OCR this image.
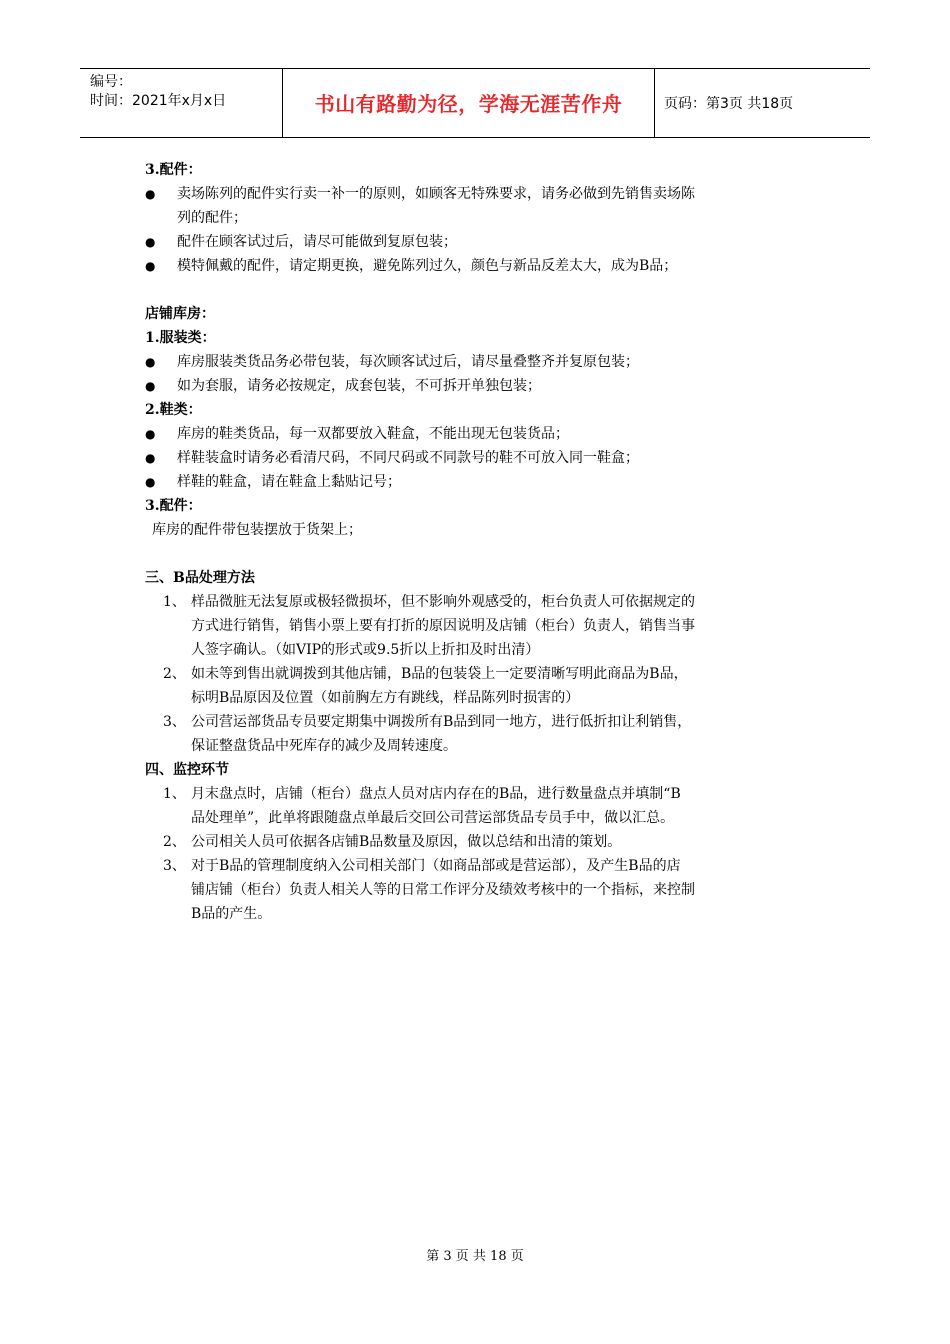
编号：
时间：2021年x月x日	书山有路勤为径，学海无涯苦作舟	页码：第3页 共18页
3.配件：
● 卖场陈列的配件实行卖一补一的原则，如顾客无特殊要求，请务必做到先销售卖场陈
列的配件；
● 配件在顾客试过后，请尽可能做到复原包装；
● 模特佩戴的配件，请定期更换，避免陈列过久，颜色与新品反差太大，成为B品；
店铺库房：
1.服装类：
● 库房服装类货品务必带包装，每次顾客试过后，请尽量叠整齐并复原包装；
● 如为套服，请务必按规定，成套包装，不可拆开单独包装；
2.鞋类：
● 库房的鞋类货品，每一双都要放入鞋盒，不能出现无包装货品；
● 样鞋装盒时请务必看清尺码，不同尺码或不同款号的鞋不可放入同一鞋盒；
● 样鞋的鞋盒，请在鞋盒上黏贴记号；
3.配件：
库房的配件带包装摆放于货架上；
三、B品处理方法
1、 样品微脏无法复原或极轻微损坏，但不影响外观感受的，柜台负责人可依据规定的
方式进行销售，销售小票上要有打折的原因说明及店铺（柜台）负责人，销售当事
人签字确认。（如VIP的形式或9.5折以上折扣及时出清）
2、 如未等到售出就调拨到其他店铺，B品的包装袋上一定要清晰写明此商品为B品，
标明B品原因及位置（如前胸左方有跳线，样品陈列时损害的）
3、 公司营运部货品专员要定期集中调拨所有B品到同一地方，进行低折扣让利销售，
保证整盘货品中死库存的减少及周转速度。
四、监控环节
1、 月末盘点时，店铺（柜台）盘点人员对店内存在的B品，进行数量盘点并填制“B
品处理单”，此单将跟随盘点单最后交回公司营运部货品专员手中，做以汇总。
2、 公司相关人员可依据各店铺B品数量及原因，做以总结和出清的策划。
3、 对于B品的管理制度纳入公司相关部门（如商品部或是营运部），及产生B品的店
铺店铺（柜台）负责人相关人等的日常工作评分及绩效考核中的一个指标，来控制
B品的产生。
第 3 页 共 18 页
